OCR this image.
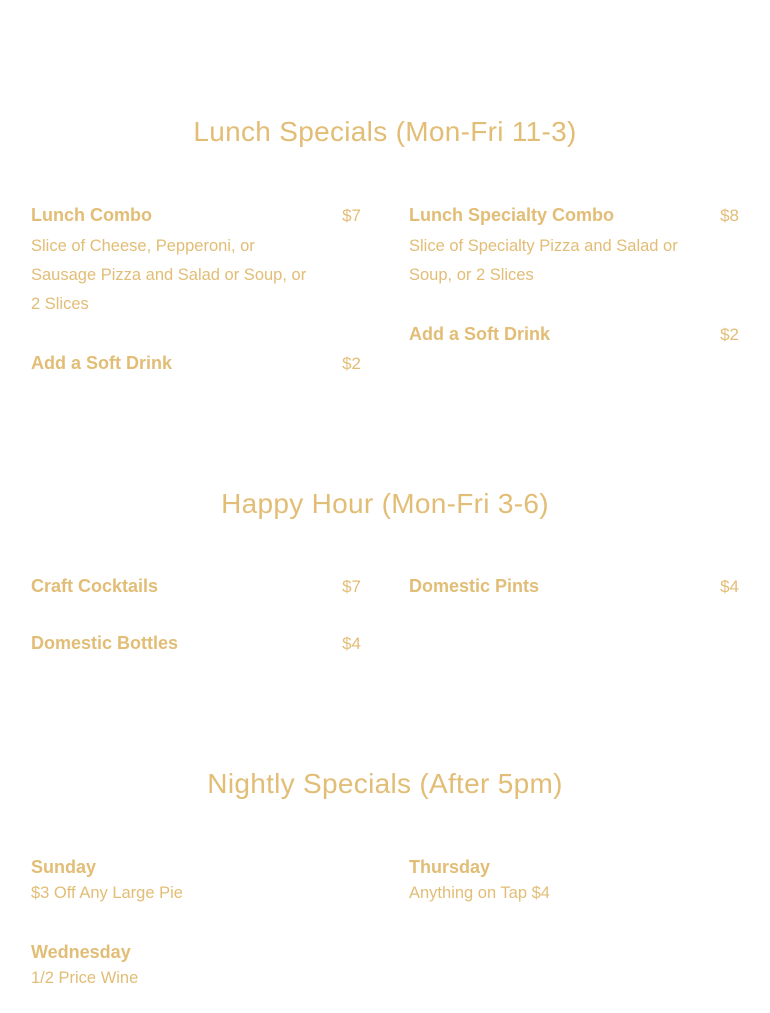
Lunch Specials (Mon-Fri 11-3)
Lunch Combo	$7
Slice of Cheese, Pepperoni, or Sausage Pizza and Salad or Soup, or 2 Slices
Lunch Specialty Combo	$8
Slice of Specialty Pizza and Salad or Soup, or 2 Slices
Add a Soft Drink	$2
Add a Soft Drink	$2
Happy Hour (Mon-Fri 3-6)
Craft Cocktails	$7	Domestic Pints	$4
Domestic Bottles	$4
Nightly Specials (After 5pm)
Sunday
$3 Off Any Large Pie
Thursday
Anything on Tap $4
Wednesday
1/2 Price Wine
